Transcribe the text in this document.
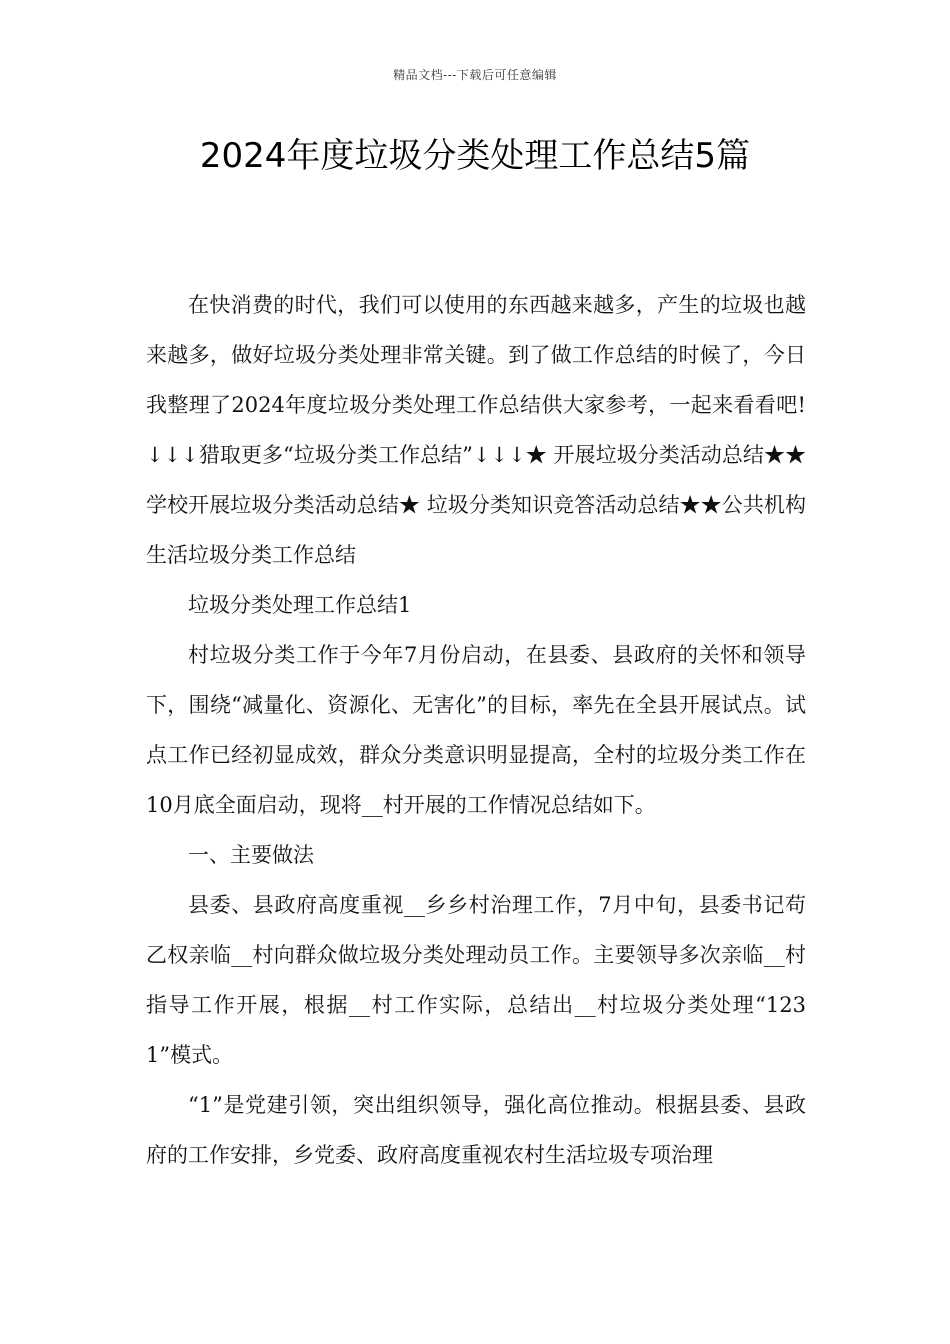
精品文档---下载后可任意编辑
2024年度垃圾分类处理工作总结5篇

在快消费的时代，我们可以使用的东西越来越多，产生的垃圾也越来越多，做好垃圾分类处理非常关键。到了做工作总结的时候了，今日我整理了2024年度垃圾分类处理工作总结供大家参考，一起来看看吧!↓↓↓猎取更多“垃圾分类工作总结”↓↓↓★ 开展垃圾分类活动总结★★ 学校开展垃圾分类活动总结★ 垃圾分类知识竞答活动总结★★公共机构生活垃圾分类工作总结

垃圾分类处理工作总结1

村垃圾分类工作于今年7月份启动，在县委、县政府的关怀和领导下，围绕“减量化、资源化、无害化”的目标，率先在全县开展试点。试点工作已经初显成效，群众分类意识明显提高，全村的垃圾分类工作在10月底全面启动，现将__村开展的工作情况总结如下。

一、主要做法

县委、县政府高度重视__乡乡村治理工作，7月中旬，县委书记苟乙权亲临__村向群众做垃圾分类处理动员工作。主要领导多次亲临__村指导工作开展，根据__村工作实际，总结出__村垃圾分类处理“1231”模式。

“1”是党建引领，突出组织领导，强化高位推动。根据县委、县政府的工作安排，乡党委、政府高度重视农村生活垃圾专项治理
